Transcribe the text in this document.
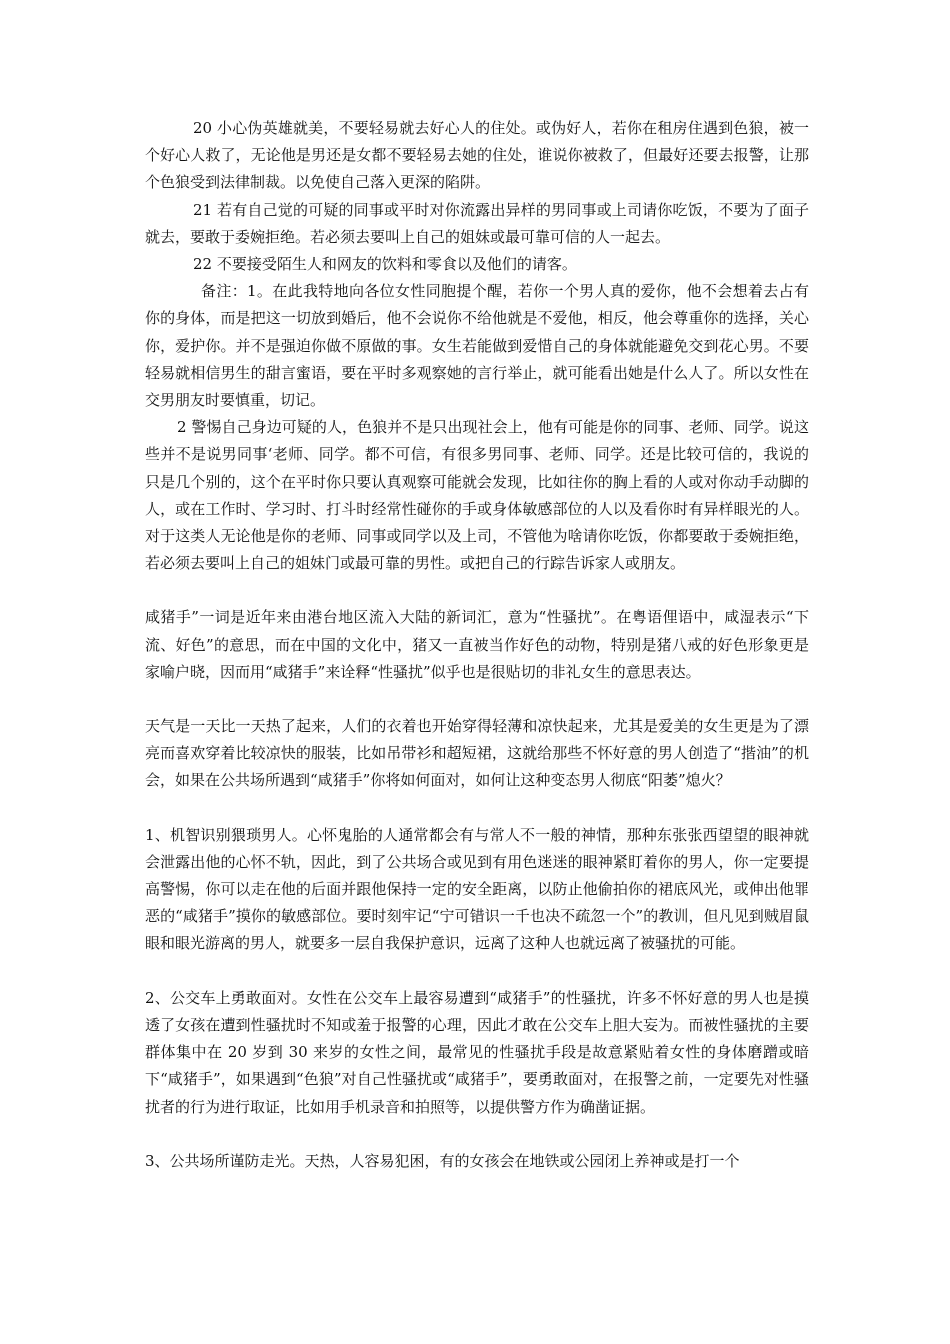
20 小心伪英雄就美，不要轻易就去好心人的住处。或伪好人，若你在租房住遇到色狼，被一个好心人救了，无论他是男还是女都不要轻易去她的住处，谁说你被救了，但最好还要去报警，让那个色狼受到法律制裁。以免使自己落入更深的陷阱。

21 若有自己觉的可疑的同事或平时对你流露出异样的男同事或上司请你吃饭，不要为了面子就去，要敢于委婉拒绝。若必须去要叫上自己的姐妹或最可靠可信的人一起去。

22 不要接受陌生人和网友的饮料和零食以及他们的请客。

备注：1。在此我特地向各位女性同胞提个醒，若你一个男人真的爱你，他不会想着去占有你的身体，而是把这一切放到婚后，他不会说你不给他就是不爱他，相反，他会尊重你的选择，关心你，爱护你。并不是强迫你做不原做的事。女生若能做到爱惜自己的身体就能避免交到花心男。不要轻易就相信男生的甜言蜜语，要在平时多观察她的言行举止，就可能看出她是什么人了。所以女性在交男朋友时要慎重，切记。

2 警惕自己身边可疑的人，色狼并不是只出现社会上，他有可能是你的同事、老师、同学。说这些并不是说男同事‘老师、同学。都不可信，有很多男同事、老师、同学。还是比较可信的，我说的只是几个别的，这个在平时你只要认真观察可能就会发现，比如往你的胸上看的人或对你动手动脚的人，或在工作时、学习时、打斗时经常性碰你的手或身体敏感部位的人以及看你时有异样眼光的人。对于这类人无论他是你的老师、同事或同学以及上司，不管他为啥请你吃饭，你都要敢于委婉拒绝，若必须去要叫上自己的姐妹门或最可靠的男性。或把自己的行踪告诉家人或朋友。

咸猪手”一词是近年来由港台地区流入大陆的新词汇，意为“性骚扰”。在粤语俚语中，咸湿表示“下流、好色”的意思，而在中国的文化中，猪又一直被当作好色的动物，特别是猪八戒的好色形象更是家喻户晓，因而用“咸猪手”来诠释“性骚扰”似乎也是很贴切的非礼女生的意思表达。

天气是一天比一天热了起来，人们的衣着也开始穿得轻薄和凉快起来，尤其是爱美的女生更是为了漂亮而喜欢穿着比较凉快的服装，比如吊带衫和超短裙，这就给那些不怀好意的男人创造了“揩油”的机会，如果在公共场所遇到“咸猪手”你将如何面对，如何让这种变态男人彻底“阳萎”熄火？

1、机智识别猥琐男人。心怀鬼胎的人通常都会有与常人不一般的神情，那种东张张西望望的眼神就会泄露出他的心怀不轨，因此，到了公共场合或见到有用色迷迷的眼神紧盯着你的男人，你一定要提高警惕，你可以走在他的后面并跟他保持一定的安全距离，以防止他偷拍你的裙底风光，或伸出他罪恶的“咸猪手”摸你的敏感部位。要时刻牢记“宁可错识一千也决不疏忽一个”的教训，但凡见到贼眉鼠眼和眼光游离的男人，就要多一层自我保护意识，远离了这种人也就远离了被骚扰的可能。

2、公交车上勇敢面对。女性在公交车上最容易遭到“咸猪手”的性骚扰，许多不怀好意的男人也是摸透了女孩在遭到性骚扰时不知或羞于报警的心理，因此才敢在公交车上胆大妄为。而被性骚扰的主要群体集中在 20 岁到 30 来岁的女性之间，最常见的性骚扰手段是故意紧贴着女性的身体磨蹭或暗下“咸猪手”，如果遇到“色狼”对自己性骚扰或“咸猪手”，要勇敢面对，在报警之前，一定要先对性骚扰者的行为进行取证，比如用手机录音和拍照等，以提供警方作为确凿证据。

3、公共场所谨防走光。天热，人容易犯困，有的女孩会在地铁或公园闭上养神或是打一个
